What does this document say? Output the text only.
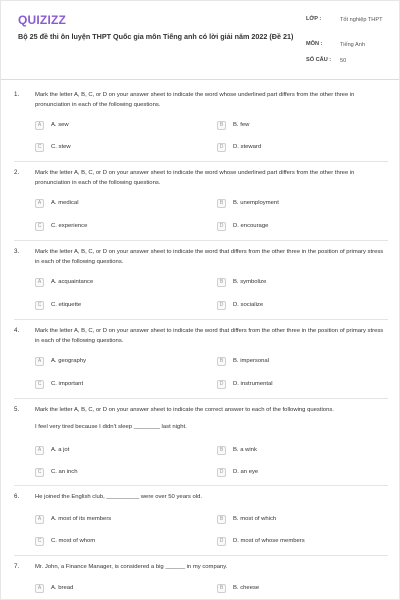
QUIZIZZ
Bộ 25 đề thi ôn luyện THPT Quốc gia môn Tiếng anh có lời giải năm 2022 (Đề 21)
LỚP :	Tốt nghiệp THPT
MÔN :	Tiếng Anh
SỐ CÂU :	50
1.	Mark the letter A, B, C, or D on your answer sheet to indicate the word whose underlined part differs from the other three in pronunciation in each of the following questions.
A	A. sew	B	B. few
C	C. stew	D	D. steward
2.	Mark the letter A, B, C, or D on your answer sheet to indicate the word whose underlined part differs from the other three in pronunciation in each of the following questions.
A	A. medical	B	B. unemployment
C	C. experience	D	D. encourage
3.	Mark the letter A, B, C, or D on your answer sheet to indicate the word that differs from the other three in the position of primary stress in each of the following questions.
A	A. acquaintance	B	B. symbolize
C	C. etiquette	D	D. socialize
4.	Mark the letter A, B, C, or D on your answer sheet to indicate the word that differs from the other three in the position of primary stress in each of the following questions.
A	A. geography	B	B. impersonal
C	C. important	D	D. instrumental
5.	Mark the letter A, B, C, or D on your answer sheet to indicate the correct answer to each of the following questions.
I feel very tired because I didn't sleep ________ last night.
A	A. a jot	B	B. a wink
C	C. an inch	D	D. an eye
6.	He joined the English club, __________ were over 50 years old.
A	A. most of its members	B	B. most of which
C	C. most of whom	D	D. most of whose members
7.	Mr. John, a Finance Manager, is considered a big ______ in my company.
A	A. bread	B	B. cheese
